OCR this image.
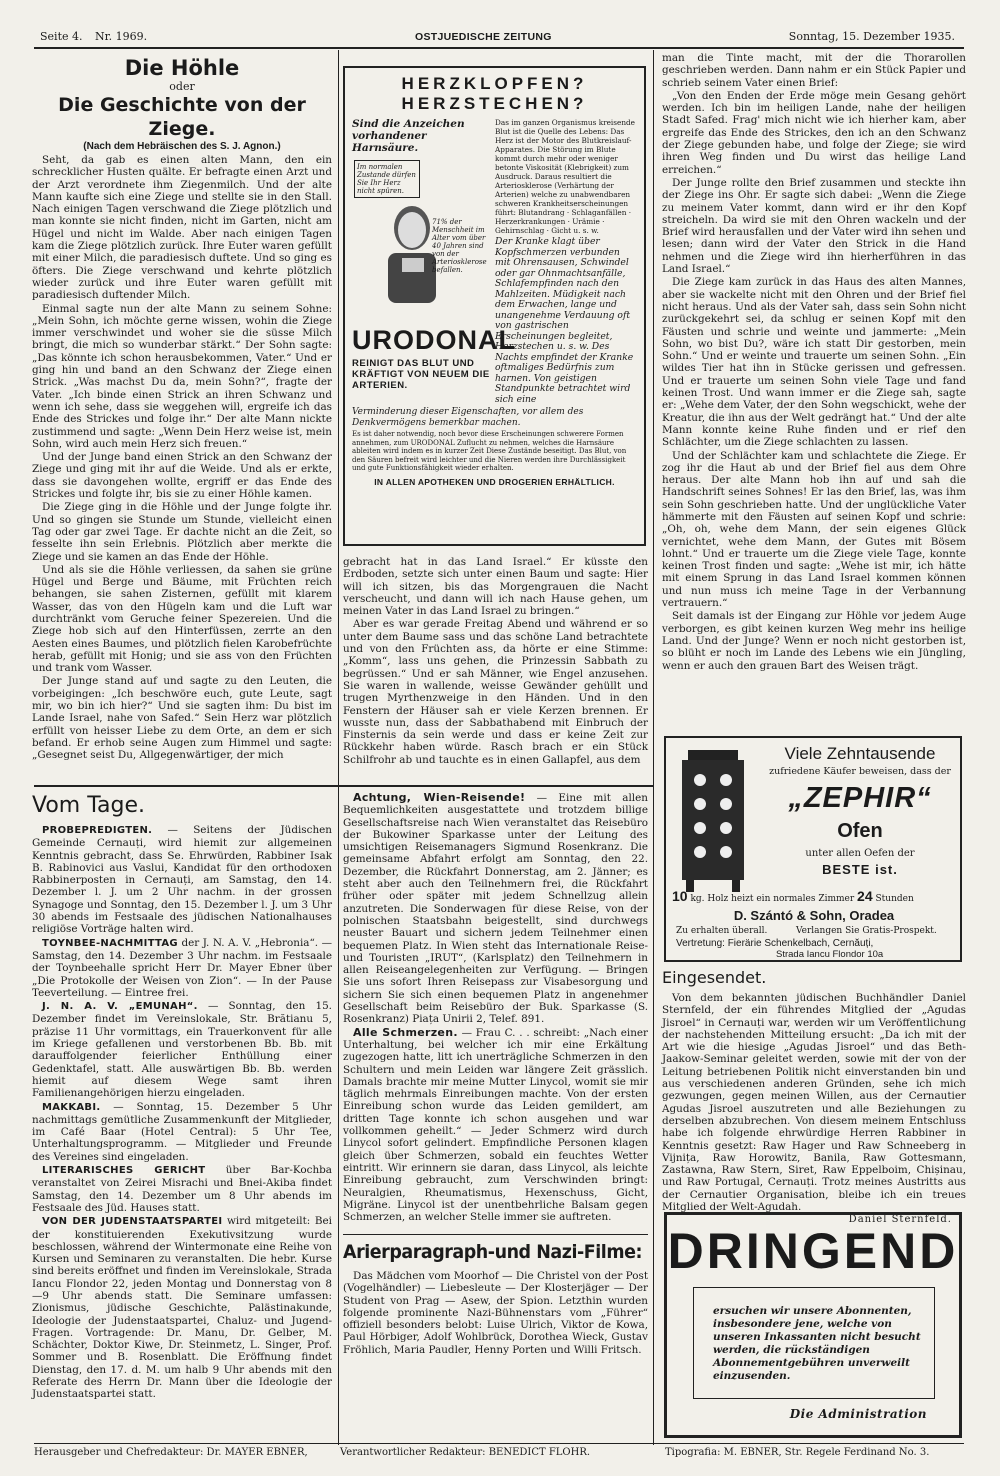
Seite 4. Nr. 1969.	OSTJUEDISCHE ZEITUNG	Sonntag, 15. Dezember 1935.
Die Höhle
oder
Die Geschichte von der Ziege.
(Nach dem Hebräischen des S. J. Agnon.)

Seht, da gab es einen alten Mann, den ein schrecklicher Husten quälte. Er befragte einen Arzt und der Arzt verordnete ihm Ziegenmilch. Und der alte Mann kaufte sich eine Ziege und stellte sie in den Stall. Nach einigen Tagen verschwand die Ziege plötzlich und man konnte sie nicht finden, nicht im Garten, nicht am Hügel und nicht im Walde. Aber nach einigen Tagen kam die Ziege plötzlich zurück. Ihre Euter waren gefüllt mit einer Milch, die paradiesisch duftete. Und so ging es öfters. Die Ziege verschwand und kehrte plötzlich wieder zurück und ihre Euter waren gefüllt mit paradiesisch duftender Milch.

Einmal sagte nun der alte Mann zu seinem Sohne: „Mein Sohn, ich möchte gerne wissen, wohin die Ziege immer verschwindet und woher sie die süsse Milch bringt, die mich so wunderbar stärkt.“ Der Sohn sagte: „Das könnte ich schon herausbekommen, Vater.“ Und er ging hin und band an den Schwanz der Ziege einen Strick. „Was machst Du da, mein Sohn?“, fragte der Vater. „Ich binde einen Strick an ihren Schwanz und wenn ich sehe, dass sie weggehen will, ergreife ich das Ende des Strickes und folge ihr.“ Der alte Mann nickte zustimmend und sagte: „Wenn Dein Herz weise ist, mein Sohn, wird auch mein Herz sich freuen.“

Und der Junge band einen Strick an den Schwanz der Ziege und ging mit ihr auf die Weide. Und als er erkte, dass sie davongehen wollte, ergriff er das Ende des Strickes und folgte ihr, bis sie zu einer Höhle kamen.

Die Ziege ging in die Höhle und der Junge folgte ihr. Und so gingen sie Stunde um Stunde, vielleicht einen Tag oder gar zwei Tage. Er dachte nicht an die Zeit, so fesselte ihn sein Erlebnis. Plötzlich aber merkte die Ziege und sie kamen an das Ende der Höhle.

Und als sie die Höhle verliessen, da sahen sie grüne Hügel und Berge und Bäume, mit Früchten reich behangen, sie sahen Zisternen, gefüllt mit klarem Wasser, das von den Hügeln kam und die Luft war durchtränkt vom Geruche feiner Spezereien. Und die Ziege hob sich auf den Hinterfüssen, zerrte an den Aesten eines Baumes, und plötzlich fielen Karobefrüchte herab, gefüllt mit Honig; und sie ass von den Früchten und trank vom Wasser.

Der Junge stand auf und sagte zu den Leuten, die vorbeigingen: „Ich beschwöre euch, gute Leute, sagt mir, wo bin ich hier?“ Und sie sagten ihm: Du bist im Lande Israel, nahe von Safed.“ Sein Herz war plötzlich erfüllt von heisser Liebe zu dem Orte, an dem er sich befand. Er erhob seine Augen zum Himmel und sagte: „Gesegnet seist Du, Allgegenwärtiger, der mich

HERZKLOPFEN?
HERZSTECHEN?
Sind die Anzeichen vorhandener Harnsäure.
Im normalen Zustande dürfen Sie Ihr Herz nicht spüren.
71% der Menschheit im Alter vom über 40 Jahren sind von der Arteriosklerose befallen.
URODONAL
REINIGT DAS BLUT UND KRÄFTIGT VON NEUEM DIE ARTERIEN.
Das im ganzen Organismus kreisende Blut ist die Quelle des Lebens: Das Herz ist der Motor des Blutkreislauf-Apparates. Die Störung im Blute kommt durch mehr oder weniger betonte Viskosität (Klebrigkeit) zum Ausdruck. Daraus resultiert die Arteriosklerose (Verhärtung der Arterien) welche zu unabwendbaren schweren Krankheitserscheinungen führt: Blutandrang · Schlaganfällen · Herzerkrankungen · Urämie · Gehirnschlag · Gicht u. s. w.
Der Kranke klagt über Kopfschmerzen verbunden mit Ohrensausen, Schwindel oder gar Ohnmachtsanfälle, Schlafempfinden nach den Mahlzeiten. Müdigkeit nach dem Erwachen, lange und unangenehme Verdauung oft von gastrischen Erscheinungen begleitet, Herzstechen u. s. w. Des Nachts empfindet der Kranke oftmaliges Bedürfnis zum harnen. Von geistigen Standpunkte betrachtet wird sich eine
Verminderung dieser Eigenschaften, vor allem des Denkvermögens bemerkbar machen.
Es ist daher notwendig, noch bevor diese Erscheinungen schwerere Formen annehmen, zum URODONAL Zuflucht zu nehmen, welches die Harnsäure ableiten wird indem es in kurzer Zeit Diese Zustände beseitigt. Das Blut, von den Säuren befreit wird leichter und die Nieren werden ihre Durchlässigkeit und gute Funktionsfähigkeit wieder erhalten.
IN ALLEN APOTHEKEN UND DROGERIEN ERHÄLTLICH.

gebracht hat in das Land Israel.“ Er küsste den Erdboden, setzte sich unter einen Baum und sagte: Hier will ich sitzen, bis das Morgengrauen die Nacht verscheucht, und dann will ich nach Hause gehen, um meinen Vater in das Land Israel zu bringen.“

Aber es war gerade Freitag Abend und während er so unter dem Baume sass und das schöne Land betrachtete und von den Früchten ass, da hörte er eine Stimme: „Komm“, lass uns gehen, die Prinzessin Sabbath zu begrüssen.“ Und er sah Männer, wie Engel anzusehen. Sie waren in wallende, weisse Gewänder gehüllt und trugen Myrthenzweige in den Händen. Und in den Fenstern der Häuser sah er viele Kerzen brennen. Er wusste nun, dass der Sabbathabend mit Einbruch der Finsternis da sein werde und dass er keine Zeit zur Rückkehr haben würde. Rasch brach er ein Stück Schilfrohr ab und tauchte es in einen Gallapfel, aus dem

man die Tinte macht, mit der die Thorarollen geschrieben werden. Dann nahm er ein Stück Papier und schrieb seinem Vater einen Brief:

„Von den Enden der Erde möge mein Gesang gehört werden. Ich bin im heiligen Lande, nahe der heiligen Stadt Safed. Frag' mich nicht wie ich hierher kam, aber ergreife das Ende des Strickes, den ich an den Schwanz der Ziege gebunden habe, und folge der Ziege; sie wird ihren Weg finden und Du wirst das heilige Land erreichen.“

Der Junge rollte den Brief zusammen und steckte ihn der Ziege ins Ohr. Er sagte sich dabei: „Wenn die Ziege zu meinem Vater kommt, dann wird er ihr den Kopf streicheln. Da wird sie mit den Ohren wackeln und der Brief wird herausfallen und der Vater wird ihn sehen und lesen; dann wird der Vater den Strick in die Hand nehmen und die Ziege wird ihn hierherführen in das Land Israel.“

Die Ziege kam zurück in das Haus des alten Mannes, aber sie wackelte nicht mit den Ohren und der Brief fiel nicht heraus. Und als der Vater sah, dass sein Sohn nicht zurückgekehrt sei, da schlug er seinen Kopf mit den Fäusten und schrie und weinte und jammerte: „Mein Sohn, wo bist Du?, wäre ich statt Dir gestorben, mein Sohn.“ Und er weinte und trauerte um seinen Sohn. „Ein wildes Tier hat ihn in Stücke gerissen und gefressen. Und er trauerte um seinen Sohn viele Tage und fand keinen Trost. Und wann immer er die Ziege sah, sagte er: „Wehe dem Vater, der den Sohn wegschickt, wehe der Kreatur, die ihn aus der Welt gedrängt hat.“ Und der alte Mann konnte keine Ruhe finden und er rief den Schlächter, um die Ziege schlachten zu lassen.

Und der Schlächter kam und schlachtete die Ziege. Er zog ihr die Haut ab und der Brief fiel aus dem Ohre heraus. Der alte Mann hob ihn auf und sah die Handschrift seines Sohnes! Er las den Brief, las, was ihm sein Sohn geschrieben hatte. Und der unglückliche Vater hämmerte mit den Fäusten auf seinen Kopf und schrie: „Oh, oh, wehe dem Mann, der sein eigenes Glück vernichtet, wehe dem Mann, der Gutes mit Bösem lohnt.“ Und er trauerte um die Ziege viele Tage, konnte keinen Trost finden und sagte: „Wehe ist mir, ich hätte mit einem Sprung in das Land Israel kommen können und nun muss ich meine Tage in der Verbannung vertrauern.“

Seit damals ist der Eingang zur Höhle vor jedem Auge verborgen, es gibt keinen kurzen Weg mehr ins heilige Land. Und der Junge? Wenn er noch nicht gestorben ist, so blüht er noch im Lande des Lebens wie ein Jüngling, wenn er auch den grauen Bart des Weisen trägt.

Vom Tage.

PROBEPREDIGTEN. — Seitens der Jüdischen Gemeinde Cernauți, wird hiemit zur allgemeinen Kenntnis gebracht, dass Se. Ehrwürden, Rabbiner Isak B. Rabinovici aus Vaslui, Kandidat für den orthodoxen Rabbinerposten in Cernauți, am Samstag, den 14. Dezember l. J. um 2 Uhr nachm. in der grossen Synagoge und Sonntag, den 15. Dezember l. J. um 3 Uhr 30 abends im Festsaale des jüdischen Nationalhauses religiöse Vorträge halten wird.

TOYNBEE-NACHMITTAG der J. N. A. V. „Hebronia“. — Samstag, den 14. Dezember 3 Uhr nachm. im Festsaale der Toynbeehalle spricht Herr Dr. Mayer Ebner über „Die Protokolle der Weisen von Zion“. — In der Pause Teeverteilung. — Eintree frei.

J. N. A. V. „EMUNAH“. — Sonntag, den 15. Dezember findet im Vereinslokale, Str. Brătianu 5, präzise 11 Uhr vormittags, ein Trauerkonvent für alle im Kriege gefallenen und verstorbenen Bb. Bb. mit darauffolgender feierlicher Enthüllung einer Gedenktafel, statt. Alle auswärtigen Bb. Bb. werden hiemit auf diesem Wege samt ihren Familienangehörigen hierzu eingeladen.

MAKKABI. — Sonntag, 15. Dezember 5 Uhr nachmittags gemütliche Zusammenkunft der Mitglieder, im Café Baar (Hotel Central): 5 Uhr Tee, Unterhaltungsprogramm. — Mitglieder und Freunde des Vereines sind eingeladen.

LITERARISCHES GERICHT über Bar-Kochba veranstaltet von Zeirei Misrachi und Bnei-Akiba findet Samstag, den 14. Dezember um 8 Uhr abends im Festsaale des Jüd. Hauses statt.

VON DER JUDENSTAATSPARTEI wird mitgeteilt: Bei der konstituierenden Exekutivsitzung wurde beschlossen, während der Wintermonate eine Reihe von Kursen und Seminaren zu veranstalten. Die hebr. Kurse sind bereits eröffnet und finden im Vereinslokale, Strada Iancu Flondor 22, jeden Montag und Donnerstag von 8—9 Uhr abends statt. Die Seminare umfassen: Zionismus, jüdische Geschichte, Palästinakunde, Ideologie der Judenstaatspartei, Chaluz- und Jugend-Fragen. Vortragende: Dr. Manu, Dr. Gelber, M. Schächter, Doktor Kiwe, Dr. Steinmetz, L. Singer, Prof. Sommer und B. Rosenblatt. Die Eröffnung findet Dienstag, den 17. d. M. um halb 9 Uhr abends mit den Referate des Herrn Dr. Mann über die Ideologie der Judenstaatspartei statt.

Achtung, Wien-Reisende! — Eine mit allen Bequemlichkeiten ausgestattete und trotzdem billige Gesellschaftsreise nach Wien veranstaltet das Reisebüro der Bukowiner Sparkasse unter der Leitung des umsichtigen Reisemanagers Sigmund Rosenkranz. Die gemeinsame Abfahrt erfolgt am Sonntag, den 22. Dezember, die Rückfahrt Donnerstag, am 2. Jänner; es steht aber auch den Teilnehmern frei, die Rückfahrt früher oder später mit jedem Schnellzug allein anzutreten. Die Sonderwagen für diese Reise, von der polnischen Staatsbahn beigestellt, sind durchwegs neuster Bauart und sichern jedem Teilnehmer einen bequemen Platz. In Wien steht das Internationale Reise- und Touristen „IRUT“, (Karlsplatz) den Teilnehmern in allen Reiseangelegenheiten zur Verfügung. — Bringen Sie uns sofort Ihren Reisepass zur Visabesorgung und sichern Sie sich einen bequemen Platz in angenehmer Gesellschaft beim Reisebüro der Buk. Sparkasse (S. Rosenkranz) Piața Unirii 2, Telef. 891.

Alle Schmerzen. — Frau C. . . schreibt: „Nach einer Unterhaltung, bei welcher ich mir eine Erkältung zugezogen hatte, litt ich unerträgliche Schmerzen in den Schultern und mein Leiden war längere Zeit grässlich. Damals brachte mir meine Mutter Linycol, womit sie mir täglich mehrmals Einreibungen machte. Von der ersten Einreibung schon wurde das Leiden gemildert, am dritten Tage konnte ich schon ausgehen und war vollkommen geheilt.“ — Jeder Schmerz wird durch Linycol sofort gelindert. Empfindliche Personen klagen gleich über Schmerzen, sobald ein feuchtes Wetter eintritt. Wir erinnern sie daran, dass Linycol, als leichte Einreibung gebraucht, zum Verschwinden bringt: Neuralgien, Rheumatismus, Hexenschuss, Gicht, Migräne. Linycol ist der unentbehrliche Balsam gegen Schmerzen, an welcher Stelle immer sie auftreten.

Arierparagraph-und Nazi-Filme:

Das Mädchen vom Moorhof — Die Christel von der Post (Vogelhändler) — Liebesleute — Der Klosterjäger — Der Student von Prag — Asew, der Spion. Letzthin wurden folgende prominente Nazi-Bühnenstars vom „Führer“ offiziell besonders belobt: Luise Ulrich, Viktor de Kowa, Paul Hörbiger, Adolf Wohlbrück, Dorothea Wieck, Gustav Fröhlich, Maria Paudler, Henny Porten und Willi Fritsch.

Viele Zehntausende
zufriedene Käufer beweisen, dass der
„ZEPHIR“
Ofen
unter allen Oefen der
BESTE ist.
10 kg. Holz heizt ein normales Zimmer 24 Stunden
D. Szántó & Sohn, Oradea
Zu erhalten überall.	Verlangen Sie Gratis-Prospekt.
Vertretung: Fierärie Schenkelbach, Cernăuți,
Strada Iancu Flondor 10a
Eingesendet.

Von dem bekannten jüdischen Buchhändler Daniel Sternfeld, der ein führendes Mitglied der „Agudas Jisroel“ in Cernauți war, werden wir um Veröffentlichung der nachstehenden Mitteilung ersucht: „Da ich mit der Art wie die hiesige „Agudas Jisroel“ und das Beth-Jaakow-Seminar geleitet werden, sowie mit der von der Leitung betriebenen Politik nicht einverstanden bin und aus verschiedenen anderen Gründen, sehe ich mich gezwungen, gegen meinen Willen, aus der Cernautier Agudas Jisroel auszutreten und alle Beziehungen zu derselben abzubrechen. Von diesem meinem Entschluss habe ich folgende ehrwürdige Herren Rabbiner in Kenntnis gesetzt: Raw Hager und Raw Schneeberg in Vijnița, Raw Horowitz, Banila, Raw Gottesmann, Zastawna, Raw Stern, Siret, Raw Eppelboim, Chișinau, und Raw Portugal, Cernauți. Trotz meines Austritts aus der Cernautier Organisation, bleibe ich ein treues Mitglied der Welt-Agudah.

Daniel Sternfeld.
DRINGEND
ersuchen wir unsere Abonnenten, insbesondere jene, welche von unseren Inkassanten nicht besucht werden, die rückständigen Abonnementgebühren unverweilt einzusenden.
Die Administration
Herausgeber und Chefredakteur: Dr. MAYER EBNER,	Verantwortlicher Redakteur: BENEDICT FLOHR.	Tipografia: M. EBNER, Str. Regele Ferdinand No. 3.
